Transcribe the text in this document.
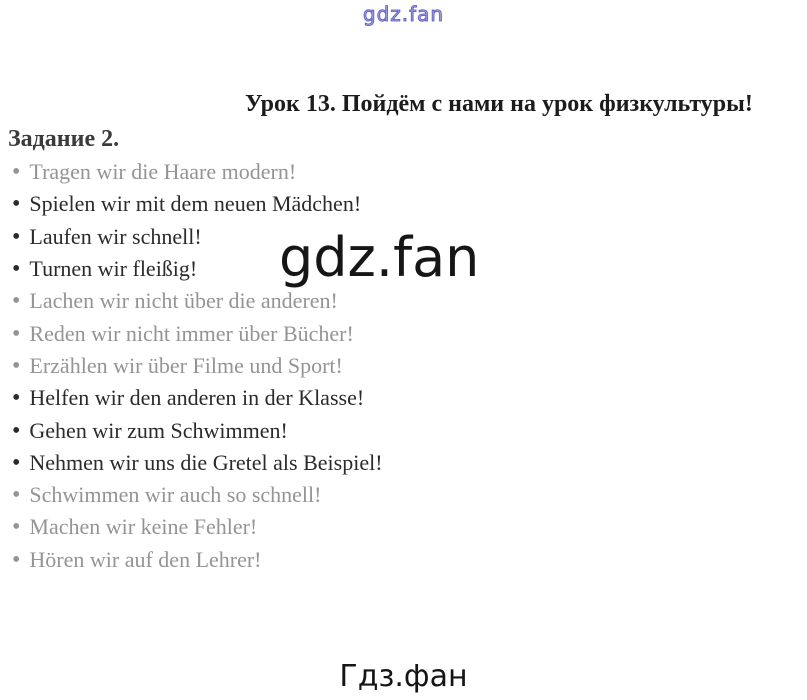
gdz.fan
Урок 13. Пойдём с нами на урок физкультуры!
Задание 2.
• Tragen wir die Haare modern!
• Spielen wir mit dem neuen Mädchen!
• Laufen wir schnell!
• Turnen wir fleißig!
• Lachen wir nicht über die anderen!
• Reden wir nicht immer über Bücher!
• Erzählen wir über Filme und Sport!
• Helfen wir den anderen in der Klasse!
• Gehen wir zum Schwimmen!
• Nehmen wir uns die Gretel als Beispiel!
• Schwimmen wir auch so schnell!
• Machen wir keine Fehler!
• Hören wir auf den Lehrer!
gdz.fan
Гдз.фан
